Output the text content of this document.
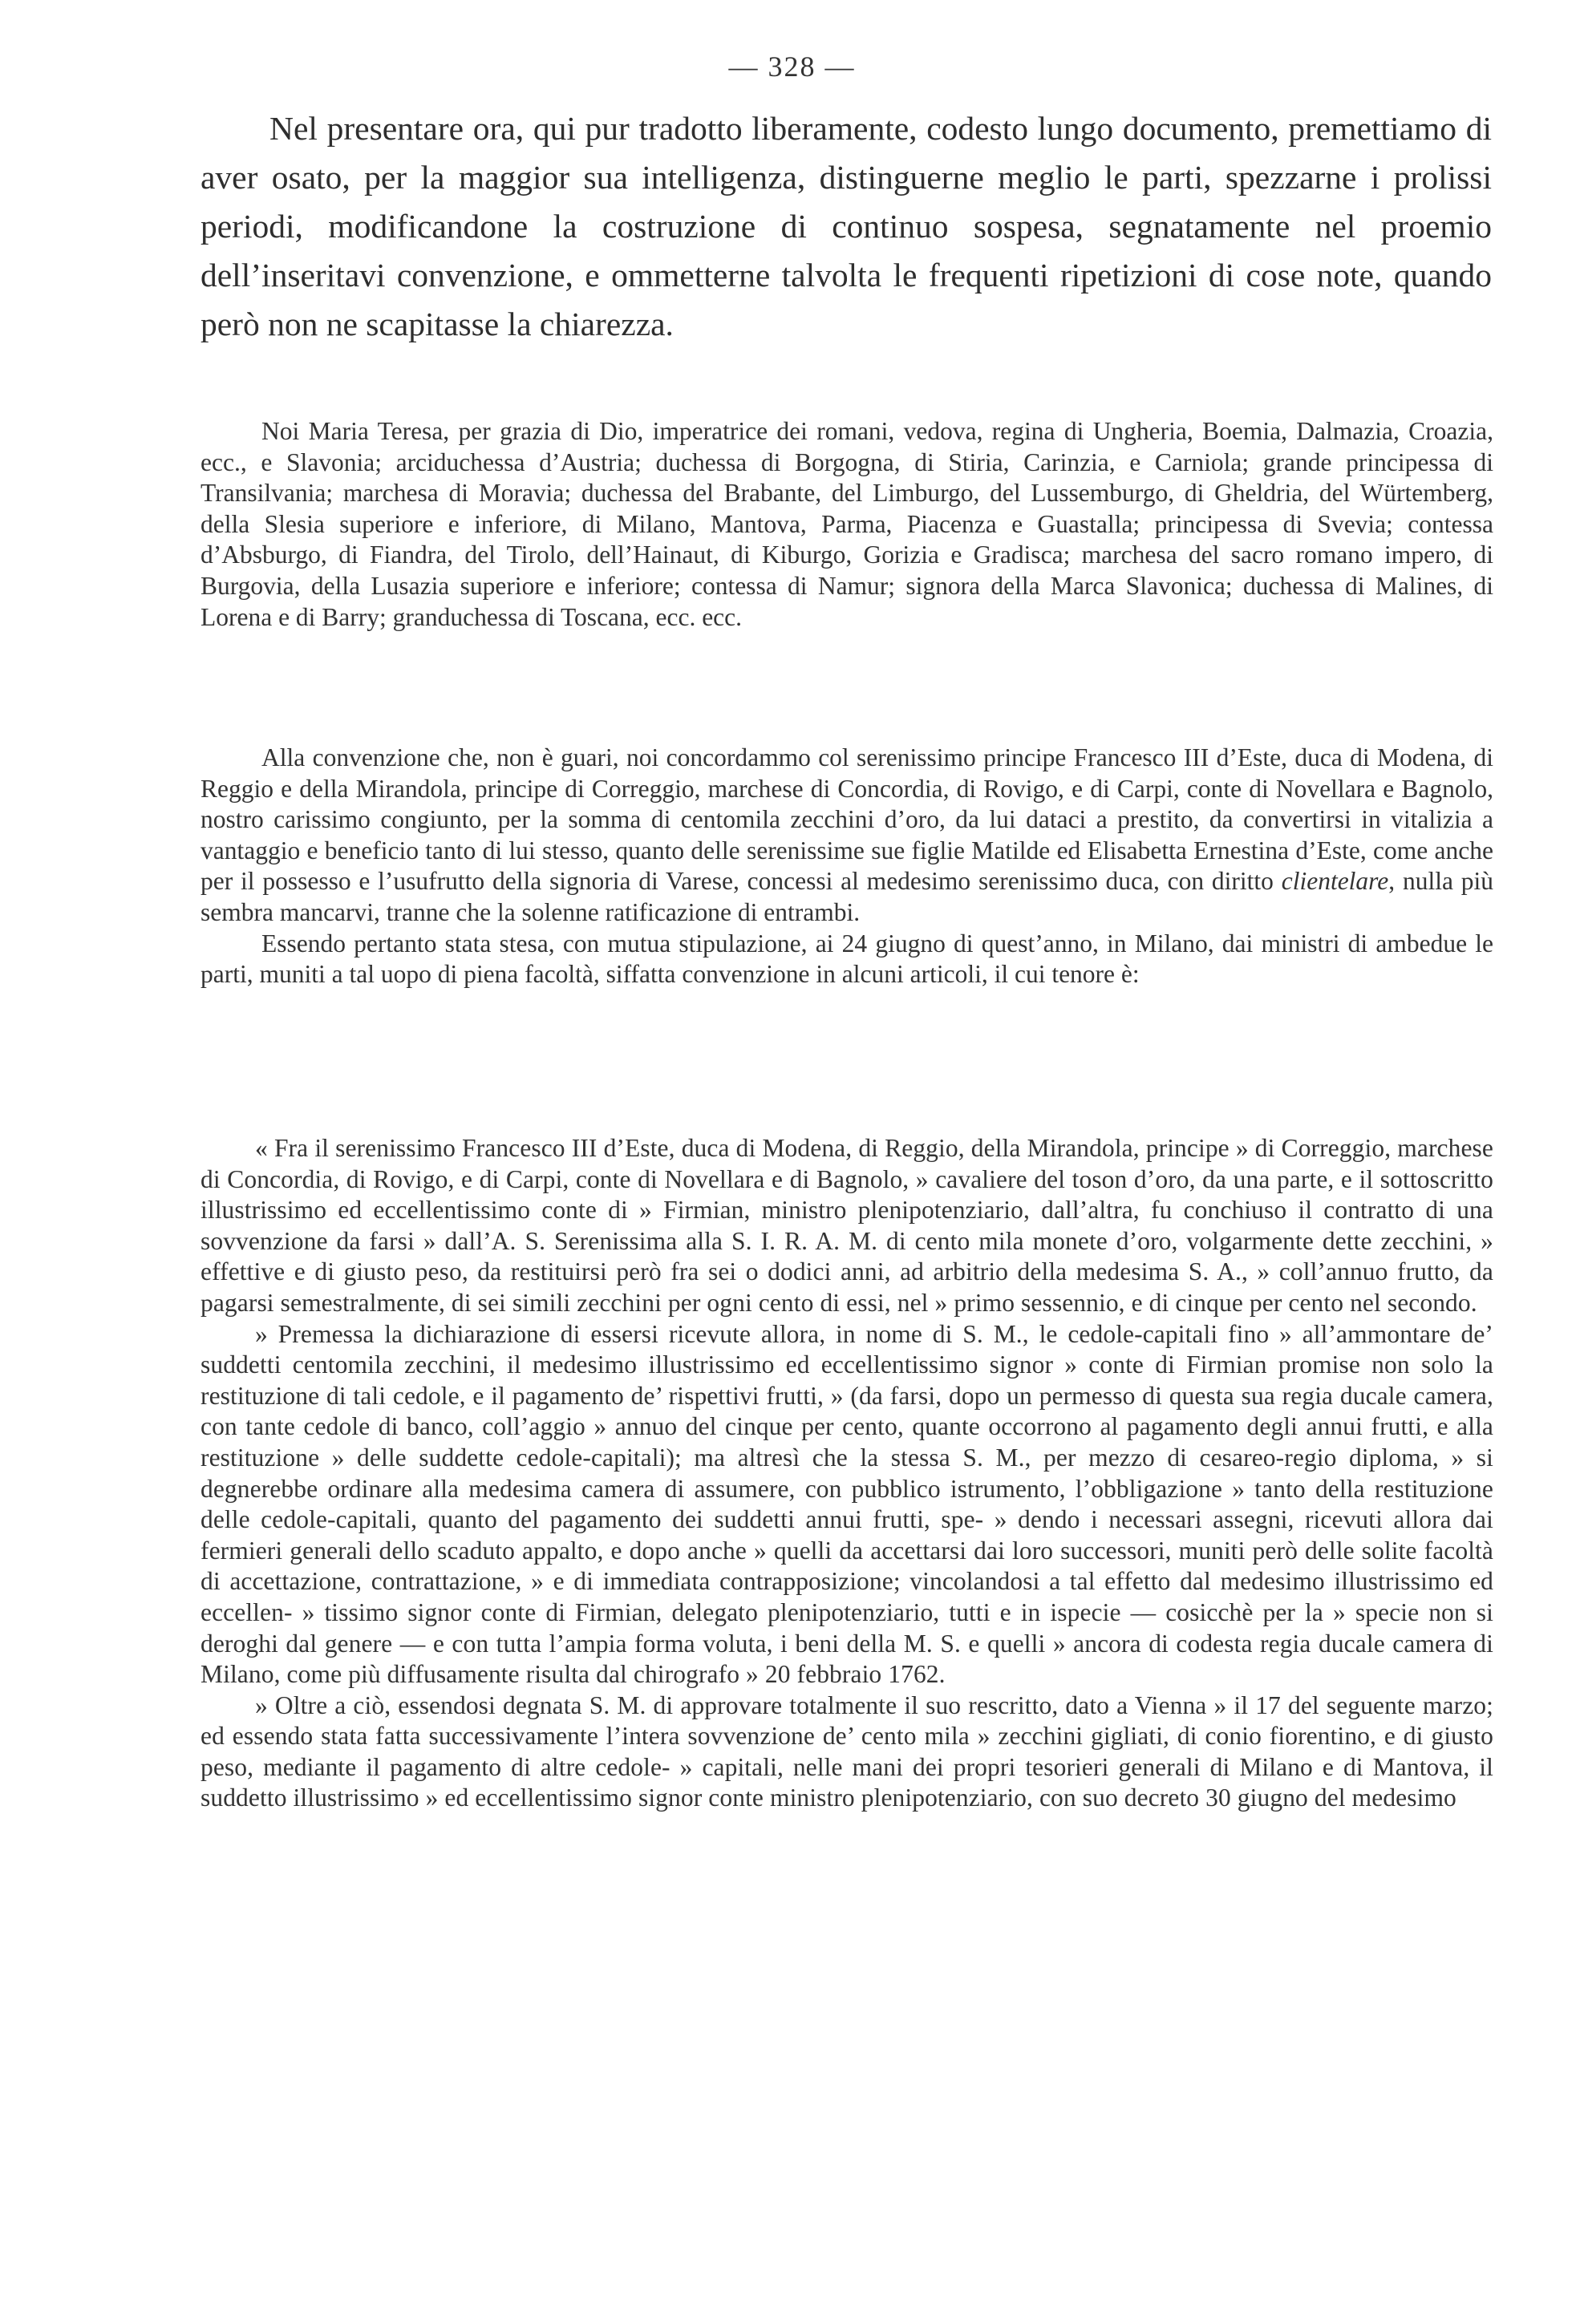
— 328 —

Nel presentare ora, qui pur tradotto liberamente, codesto lungo documento, premettiamo di aver osato, per la maggior sua intelligenza, distinguerne meglio le parti, spezzarne i prolissi periodi, modificandone la costruzione di continuo sospesa, segnatamente nel proemio dell’inseritavi convenzione, e ommetterne talvolta le frequenti ripetizioni di cose note, quando però non ne scapitasse la chiarezza.

Noi Maria Teresa, per grazia di Dio, imperatrice dei romani, vedova, regina di Ungheria, Boemia, Dalmazia, Croazia, ecc., e Slavonia; arciduchessa d’Austria; duchessa di Borgogna, di Stiria, Carinzia, e Carniola; grande principessa di Transilvania; marchesa di Moravia; duchessa del Brabante, del Limburgo, del Lussemburgo, di Gheldria, del Würtemberg, della Slesia superiore e inferiore, di Milano, Mantova, Parma, Piacenza e Guastalla; principessa di Svevia; contessa d’Absburgo, di Fiandra, del Tirolo, dell’Hainaut, di Kiburgo, Gorizia e Gradisca; marchesa del sacro romano impero, di Burgovia, della Lusazia superiore e inferiore; contessa di Namur; signora della Marca Slavonica; duchessa di Malines, di Lorena e di Barry; granduchessa di Toscana, ecc. ecc.

Alla convenzione che, non è guari, noi concordammo col serenissimo principe Francesco III d’Este, duca di Modena, di Reggio e della Mirandola, principe di Correggio, marchese di Concordia, di Rovigo, e di Carpi, conte di Novellara e Bagnolo, nostro carissimo congiunto, per la somma di centomila zecchini d’oro, da lui dataci a prestito, da convertirsi in vitalizia a vantaggio e beneficio tanto di lui stesso, quanto delle serenissime sue figlie Matilde ed Elisabetta Ernestina d’Este, come anche per il possesso e l’usufrutto della signoria di Varese, concessi al medesimo serenissimo duca, con diritto clientelare, nulla più sembra mancarvi, tranne che la solenne ratificazione di entrambi.

Essendo pertanto stata stesa, con mutua stipulazione, ai 24 giugno di quest’anno, in Milano, dai ministri di ambedue le parti, muniti a tal uopo di piena facoltà, siffatta convenzione in alcuni articoli, il cui tenore è:

« Fra il serenissimo Francesco III d’Este, duca di Modena, di Reggio, della Mirandola, principe » di Correggio, marchese di Concordia, di Rovigo, e di Carpi, conte di Novellara e di Bagnolo, » cavaliere del toson d’oro, da una parte, e il sottoscritto illustrissimo ed eccellentissimo conte di » Firmian, ministro plenipotenziario, dall’altra, fu conchiuso il contratto di una sovvenzione da farsi » dall’A. S. Serenissima alla S. I. R. A. M. di cento mila monete d’oro, volgarmente dette zecchini, » effettive e di giusto peso, da restituirsi però fra sei o dodici anni, ad arbitrio della medesima S. A., » coll’annuo frutto, da pagarsi semestralmente, di sei simili zecchini per ogni cento di essi, nel » primo sessennio, e di cinque per cento nel secondo.

» Premessa la dichiarazione di essersi ricevute allora, in nome di S. M., le cedole-capitali fino » all’ammontare de’ suddetti centomila zecchini, il medesimo illustrissimo ed eccellentissimo signor » conte di Firmian promise non solo la restituzione di tali cedole, e il pagamento de’ rispettivi frutti, » (da farsi, dopo un permesso di questa sua regia ducale camera, con tante cedole di banco, coll’aggio » annuo del cinque per cento, quante occorrono al pagamento degli annui frutti, e alla restituzione » delle suddette cedole-capitali); ma altresì che la stessa S. M., per mezzo di cesareo-regio diploma, » si degnerebbe ordinare alla medesima camera di assumere, con pubblico istrumento, l’obbligazione » tanto della restituzione delle cedole-capitali, quanto del pagamento dei suddetti annui frutti, spe- » dendo i necessari assegni, ricevuti allora dai fermieri generali dello scaduto appalto, e dopo anche » quelli da accettarsi dai loro successori, muniti però delle solite facoltà di accettazione, contrattazione, » e di immediata contrapposizione; vincolandosi a tal effetto dal medesimo illustrissimo ed eccellen- » tissimo signor conte di Firmian, delegato plenipotenziario, tutti e in ispecie — cosicchè per la » specie non si deroghi dal genere — e con tutta l’ampia forma voluta, i beni della M. S. e quelli » ancora di codesta regia ducale camera di Milano, come più diffusamente risulta dal chirografo » 20 febbraio 1762.

» Oltre a ciò, essendosi degnata S. M. di approvare totalmente il suo rescritto, dato a Vienna » il 17 del seguente marzo; ed essendo stata fatta successivamente l’intera sovvenzione de’ cento mila » zecchini gigliati, di conio fiorentino, e di giusto peso, mediante il pagamento di altre cedole- » capitali, nelle mani dei propri tesorieri generali di Milano e di Mantova, il suddetto illustrissimo » ed eccellentissimo signor conte ministro plenipotenziario, con suo decreto 30 giugno del medesimo
